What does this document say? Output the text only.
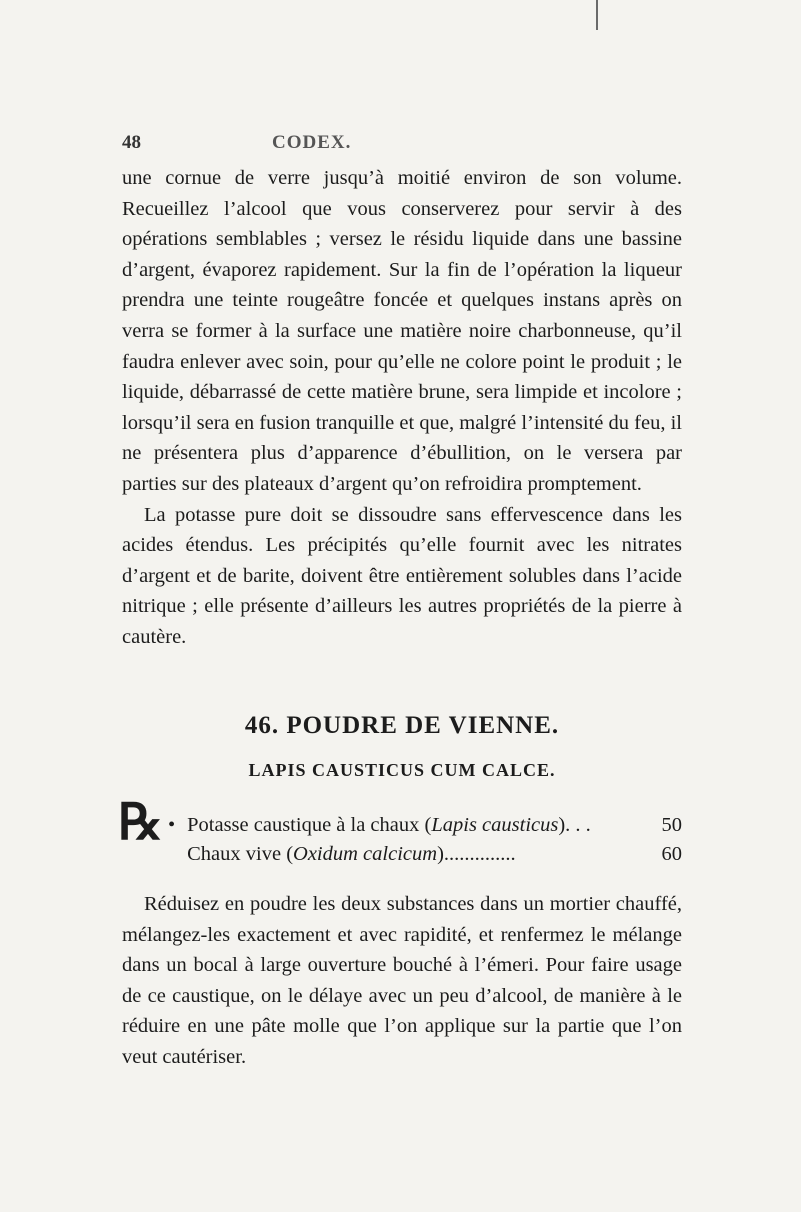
48	CODEX.

une cornue de verre jusqu’à moitié environ de son volume. Recueillez l’alcool que vous conserverez pour servir à des opérations semblables ; versez le résidu liquide dans une bassine d’argent, évaporez rapidement. Sur la fin de l’opération la liqueur prendra une teinte rougeâtre foncée et quelques instans après on verra se former à la surface une matière noire charbonneuse, qu’il faudra enlever avec soin, pour qu’elle ne colore point le produit ; le liquide, débarrassé de cette matière brune, sera limpide et incolore ; lorsqu’il sera en fusion tranquille et que, malgré l’intensité du feu, il ne présentera plus d’apparence d’ébullition, on le versera par parties sur des plateaux d’argent qu’on refroidira promptement.

La potasse pure doit se dissoudre sans effervescence dans les acides étendus. Les précipités qu’elle fournit avec les nitrates d’argent et de barite, doivent être entièrement solubles dans l’acide nitrique ; elle présente d’ailleurs les autres propriétés de la pierre à cautère.

46. POUDRE DE VIENNE.
LAPIS CAUSTICUS CUM CALCE.
℞ • Potasse caustique à la chaux (Lapis causticus). . .	50
Chaux vive (Oxidum calcicum)..............	60

Réduisez en poudre les deux substances dans un mortier chauffé, mélangez-les exactement et avec rapidité, et renfermez le mélange dans un bocal à large ouverture bouché à l’émeri. Pour faire usage de ce caustique, on le délaye avec un peu d’alcool, de manière à le réduire en une pâte molle que l’on applique sur la partie que l’on veut cautériser.
